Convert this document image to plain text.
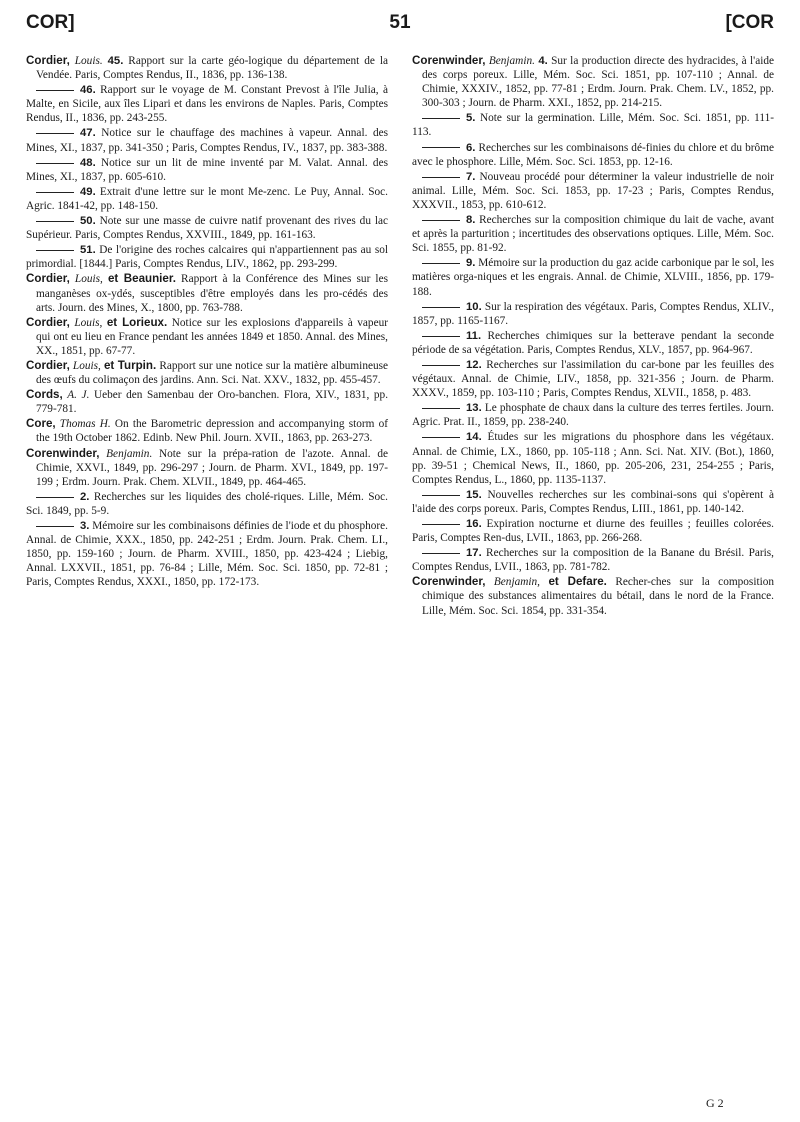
COR]	51	[COR
Cordier, Louis. 45. Rapport sur la carte géo-logique du département de la Vendée. Paris, Comptes Rendus, II., 1836, pp. 136-138.
46. Rapport sur le voyage de M. Constant Prevost à l'île Julia, à Malte, en Sicile, aux îles Lipari et dans les environs de Naples. Paris, Comptes Rendus, II., 1836, pp. 243-255.
47. Notice sur le chauffage des machines à vapeur. Annal. des Mines, XI., 1837, pp. 341-350 ; Paris, Comptes Rendus, IV., 1837, pp. 383-388.
48. Notice sur un lit de mine inventé par M. Valat. Annal. des Mines, XI., 1837, pp. 605-610.
49. Extrait d'une lettre sur le mont Me-zenc. Le Puy, Annal. Soc. Agric. 1841-42, pp. 148-150.
50. Note sur une masse de cuivre natif provenant des rives du lac Supérieur. Paris, Comptes Rendus, XXVIII., 1849, pp. 161-163.
51. De l'origine des roches calcaires qui n'appartiennent pas au sol primordial. [1844.] Paris, Comptes Rendus, LIV., 1862, pp. 293-299.
Cordier, Louis, et Beaunier. Rapport à la Conférence des Mines sur les manganèses ox-ydés, susceptibles d'être employés dans les pro-cédés des arts. Journ. des Mines, X., 1800, pp. 763-788.
Cordier, Louis, et Lorieux. Notice sur les explosions d'appareils à vapeur qui ont eu lieu en France pendant les années 1849 et 1850. Annal. des Mines, XX., 1851, pp. 67-77.
Cordier, Louis, et Turpin. Rapport sur une notice sur la matière albumineuse des œufs du colimaçon des jardins. Ann. Sci. Nat. XXV., 1832, pp. 455-457.
Cords, A. J. Ueber den Samenbau der Oro-banchen. Flora, XIV., 1831, pp. 779-781.
Core, Thomas H. On the Barometric depression and accompanying storm of the 19th October 1862. Edinb. New Phil. Journ. XVII., 1863, pp. 263-273.
Corenwinder, Benjamin. Note sur la prépa-ration de l'azote. Annal. de Chimie, XXVI., 1849, pp. 296-297 ; Journ. de Pharm. XVI., 1849, pp. 197-199 ; Erdm. Journ. Prak. Chem. XLVII., 1849, pp. 464-465.
2. Recherches sur les liquides des cholé-riques. Lille, Mém. Soc. Sci. 1849, pp. 5-9.
3. Mémoire sur les combinaisons définies de l'iode et du phosphore. Annal. de Chimie, XXX., 1850, pp. 242-251 ; Erdm. Journ. Prak. Chem. LI., 1850, pp. 159-160 ; Journ. de Pharm. XVIII., 1850, pp. 423-424 ; Liebig, Annal. LXXVII., 1851, pp. 76-84 ; Lille, Mém. Soc. Sci. 1850, pp. 72-81 ; Paris, Comptes Rendus, XXXI., 1850, pp. 172-173.
Corenwinder, Benjamin. 4. Sur la production directe des hydracides, à l'aide des corps poreux. Lille, Mém. Soc. Sci. 1851, pp. 107-110 ; Annal. de Chimie, XXXIV., 1852, pp. 77-81 ; Erdm. Journ. Prak. Chem. LV., 1852, pp. 300-303 ; Journ. de Pharm. XXI., 1852, pp. 214-215.
5. Note sur la germination. Lille, Mém. Soc. Sci. 1851, pp. 111-113.
6. Recherches sur les combinaisons dé-finies du chlore et du brôme avec le phosphore. Lille, Mém. Soc. Sci. 1853, pp. 12-16.
7. Nouveau procédé pour déterminer la valeur industrielle de noir animal. Lille, Mém. Soc. Sci. 1853, pp. 17-23 ; Paris, Comptes Rendus, XXXVII., 1853, pp. 610-612.
8. Recherches sur la composition chimique du lait de vache, avant et après la parturition ; incertitudes des observations optiques. Lille, Mém. Soc. Sci. 1855, pp. 81-92.
9. Mémoire sur la production du gaz acide carbonique par le sol, les matières orga-niques et les engrais. Annal. de Chimie, XLVIII., 1856, pp. 179-188.
10. Sur la respiration des végétaux. Paris, Comptes Rendus, XLIV., 1857, pp. 1165-1167.
11. Recherches chimiques sur la betterave pendant la seconde période de sa végétation. Paris, Comptes Rendus, XLV., 1857, pp. 964-967.
12. Recherches sur l'assimilation du car-bone par les feuilles des végétaux. Annal. de Chimie, LIV., 1858, pp. 321-356 ; Journ. de Pharm. XXXV., 1859, pp. 103-110 ; Paris, Comptes Rendus, XLVII., 1858, p. 483.
13. Le phosphate de chaux dans la culture des terres fertiles. Journ. Agric. Prat. II., 1859, pp. 238-240.
14. Études sur les migrations du phosphore dans les végétaux. Annal. de Chimie, LX., 1860, pp. 105-118 ; Ann. Sci. Nat. XIV. (Bot.), 1860, pp. 39-51 ; Chemical News, II., 1860, pp. 205-206, 231, 254-255 ; Paris, Comptes Rendus, L., 1860, pp. 1135-1137.
15. Nouvelles recherches sur les combinai-sons qui s'opèrent à l'aide des corps poreux. Paris, Comptes Rendus, LIII., 1861, pp. 140-142.
16. Expiration nocturne et diurne des feuilles ; feuilles colorées. Paris, Comptes Ren-dus, LVII., 1863, pp. 266-268.
17. Recherches sur la composition de la Banane du Brésil. Paris, Comptes Rendus, LVII., 1863, pp. 781-782.
Corenwinder, Benjamin, et Defare. Recher-ches sur la composition chimique des substances alimentaires du bétail, dans le nord de la France. Lille, Mém. Soc. Sci. 1854, pp. 331-354.
G 2
